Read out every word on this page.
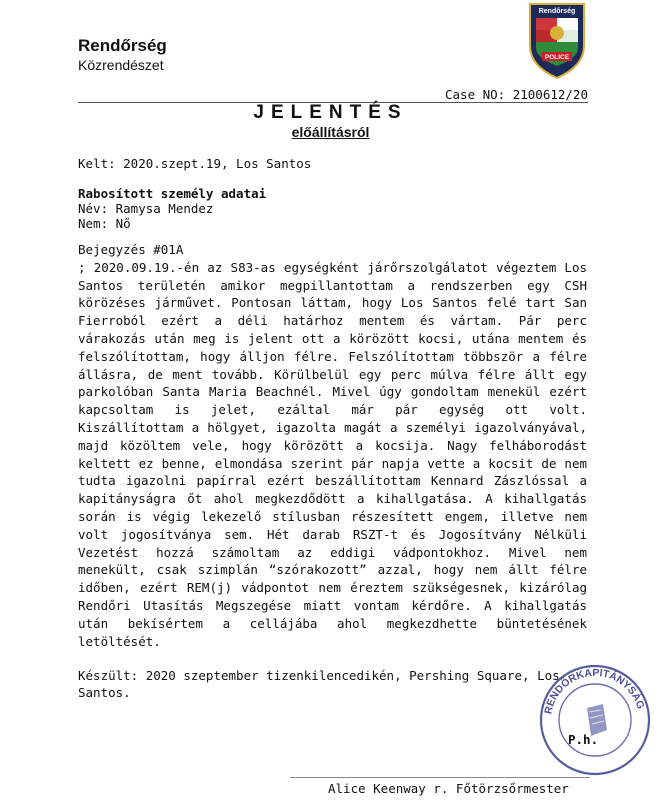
Rendőrség
Közrendészet
Rendőrség
POLICE
Case NO: 2100612/20
JELENTÉS
előállításról
Kelt: 2020.szept.19, Los Santos
Rabosított személy adatai
Név: Ramysa Mendez
Nem: Nő
Bejegyzés #01A

; 2020.09.19.-én az S83-as egységként járőrszolgálatot végeztem Los Santos területén amikor megpillantottam a rendszerben egy CSH körözéses járművet. Pontosan láttam, hogy Los Santos felé tart San Fierroból ezért a déli határhoz mentem és vártam. Pár perc várakozás után meg is jelent ott a körözött kocsi, utána mentem és felszólítottam, hogy álljon félre. Felszólítottam többször a félre állásra, de ment tovább. Körülbelül egy perc múlva félre állt egy parkolóban Santa Maria Beachnél. Mivel úgy gondoltam menekül ezért kapcsoltam is jelet, ezáltal már pár egység ott volt. Kiszállítottam a hölgyet, igazolta magát a személyi igazolványával, majd közöltem vele, hogy körözött a kocsija. Nagy felháborodást keltett ez benne, elmondása szerint pár napja vette a kocsit de nem tudta igazolni papírral ezért beszállítottam Kennard Zászlóssal a kapitányságra őt ahol megkezdődött a kihallgatása. A kihallgatás során is végig lekezelő stílusban részesített engem, illetve nem volt jogosítványa sem. Hét darab RSZT-t és Jogosítvány Nélküli Vezetést hozzá számoltam az eddigi vádpontokhoz. Mivel nem menekült, csak szimplán “szórakozott” azzal, hogy nem állt félre időben, ezért REM(j) vádpontot nem éreztem szükségesnek, kizárólag Rendőri Utasítás Megszegése miatt vontam kérdőre. A kihallgatás után bekísértem a cellájába ahol megkezdhette büntetésének letöltését.

Készült: 2020 szeptember tizenkilencedikén, Pershing Square, Los Santos.
RENDŐRKAPITÁNYSÁG
P.h.
Alice Keenway r. Főtörzsőrmester
